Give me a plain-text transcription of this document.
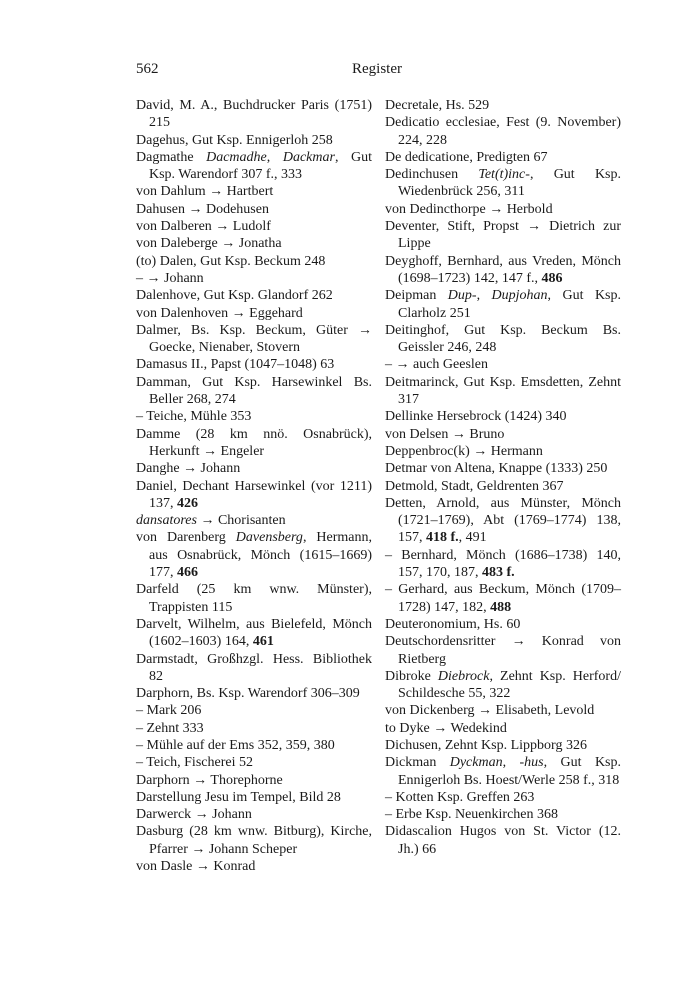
562	Register

David, M. A., Buchdrucker Paris (1751) 215

Dagehus, Gut Ksp. Ennigerloh 258

Dagmathe Dacmadhe, Dackmar, Gut Ksp. Warendorf 307 f., 333

von Dahlum → Hartbert

Dahusen → Dodehusen

von Dalberen → Ludolf

von Daleberge → Jonatha

(to) Dalen, Gut Ksp. Beckum 248

– → Johann

Dalenhove, Gut Ksp. Glandorf 262

von Dalenhoven → Eggehard

Dalmer, Bs. Ksp. Beckum, Güter → Goecke, Nienaber, Stovern

Damasus II., Papst (1047–1048) 63

Damman, Gut Ksp. Harsewinkel Bs. Beller 268, 274

– Teiche, Mühle 353

Damme (28 km nnö. Osnabrück), Herkunft → Engeler

Danghe → Johann

Daniel, Dechant Harsewinkel (vor 1211) 137, 426

dansatores → Chorisanten

von Darenberg Davensberg, Hermann, aus Osnabrück, Mönch (1615–1669) 177, 466

Darfeld (25 km wnw. Münster), Trappisten 115

Darvelt, Wilhelm, aus Bielefeld, Mönch (1602–1603) 164, 461

Darmstadt, Großhzgl. Hess. Bibliothek 82

Darphorn, Bs. Ksp. Warendorf 306–309

– Mark 206

– Zehnt 333

– Mühle auf der Ems 352, 359, 380

– Teich, Fischerei 52

Darphorn → Thorephorne

Darstellung Jesu im Tempel, Bild 28

Darwerck → Johann

Dasburg (28 km wnw. Bitburg), Kirche, Pfarrer → Johann Scheper

von Dasle → Konrad

Decretale, Hs. 529

Dedicatio ecclesiae, Fest (9. November) 224, 228

De dedicatione, Predigten 67

Dedinchusen Tet(t)inc-, Gut Ksp. Wiedenbrück 256, 311

von Dedincthorpe → Herbold

Deventer, Stift, Propst → Dietrich zur Lippe

Deyghoff, Bernhard, aus Vreden, Mönch (1698–1723) 142, 147 f., 486

Deipman Dup-, Dupjohan, Gut Ksp. Clarholz 251

Deitinghof, Gut Ksp. Beckum Bs. Geissler 246, 248

– → auch Geeslen

Deitmarinck, Gut Ksp. Emsdetten, Zehnt 317

Dellinke Hersebrock (1424) 340

von Delsen → Bruno

Deppenbroc(k) → Hermann

Detmar von Altena, Knappe (1333) 250

Detmold, Stadt, Geldrenten 367

Detten, Arnold, aus Münster, Mönch (1721–1769), Abt (1769–1774) 138, 157, 418 f., 491

– Bernhard, Mönch (1686–1738) 140, 157, 170, 187, 483 f.

– Gerhard, aus Beckum, Mönch (1709–1728) 147, 182, 488

Deuteronomium, Hs. 60

Deutschordensritter → Konrad von Rietberg

Dibroke Diebrock, Zehnt Ksp. Herford/ Schildesche 55, 322

von Dickenberg → Elisabeth, Levold

to Dyke → Wedekind

Dichusen, Zehnt Ksp. Lippborg 326

Dickman Dyckman, -hus, Gut Ksp. Ennigerloh Bs. Hoest/Werle 258 f., 318

– Kotten Ksp. Greffen 263

– Erbe Ksp. Neuenkirchen 368

Didascalion Hugos von St. Victor (12. Jh.) 66
